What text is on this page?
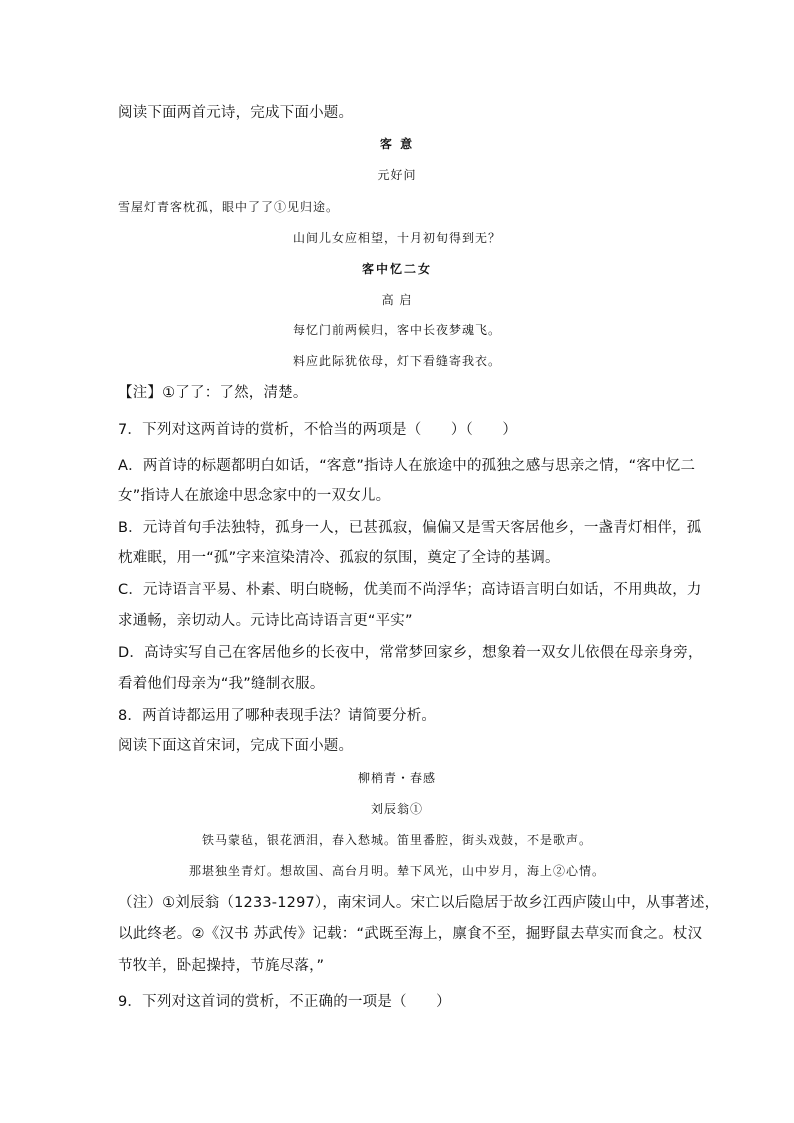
阅读下面两首元诗，完成下面小题。
客 意
元好问
雪屋灯青客枕孤，眼中了了①见归途。
山间儿女应相望，十月初旬得到无？
客中忆二女
高 启
每忆门前两候归，客中长夜梦魂飞。
料应此际犹依母，灯下看缝寄我衣。
【注】①了了：了然，清楚。
7．下列对这两首诗的赏析，不恰当的两项是（　　）（　　）
A．两首诗的标题都明白如话，“客意”指诗人在旅途中的孤独之感与思亲之情，“客中忆二
女”指诗人在旅途中思念家中的一双女儿。
B．元诗首句手法独特，孤身一人，已甚孤寂，偏偏又是雪天客居他乡，一盏青灯相伴，孤
枕难眠，用一“孤”字来渲染清冷、孤寂的氛围，奠定了全诗的基调。
C．元诗语言平易、朴素、明白晓畅，优美而不尚浮华；高诗语言明白如话，不用典故，力
求通畅，亲切动人。元诗比高诗语言更“平实”
D．高诗实写自己在客居他乡的长夜中，常常梦回家乡，想象着一双女儿依偎在母亲身旁，
看着他们母亲为“我”缝制衣服。
8．两首诗都运用了哪种表现手法？请简要分析。
阅读下面这首宋词，完成下面小题。
柳梢青・春感
刘辰翁①
铁马蒙毡，银花洒泪，春入愁城。笛里番腔，街头戏鼓，不是歌声。
那堪独坐青灯。想故国、高台月明。辇下风光，山中岁月，海上②心情。
（注）①刘辰翁（1233-1297），南宋词人。宋亡以后隐居于故乡江西庐陵山中，从事著述，
以此终老。②《汉书 苏武传》记载：“武既至海上，廪食不至，掘野鼠去草实而食之。杖汉
节牧羊，卧起操持，节旄尽落，”
9．下列对这首词的赏析，不正确的一项是（　　）
